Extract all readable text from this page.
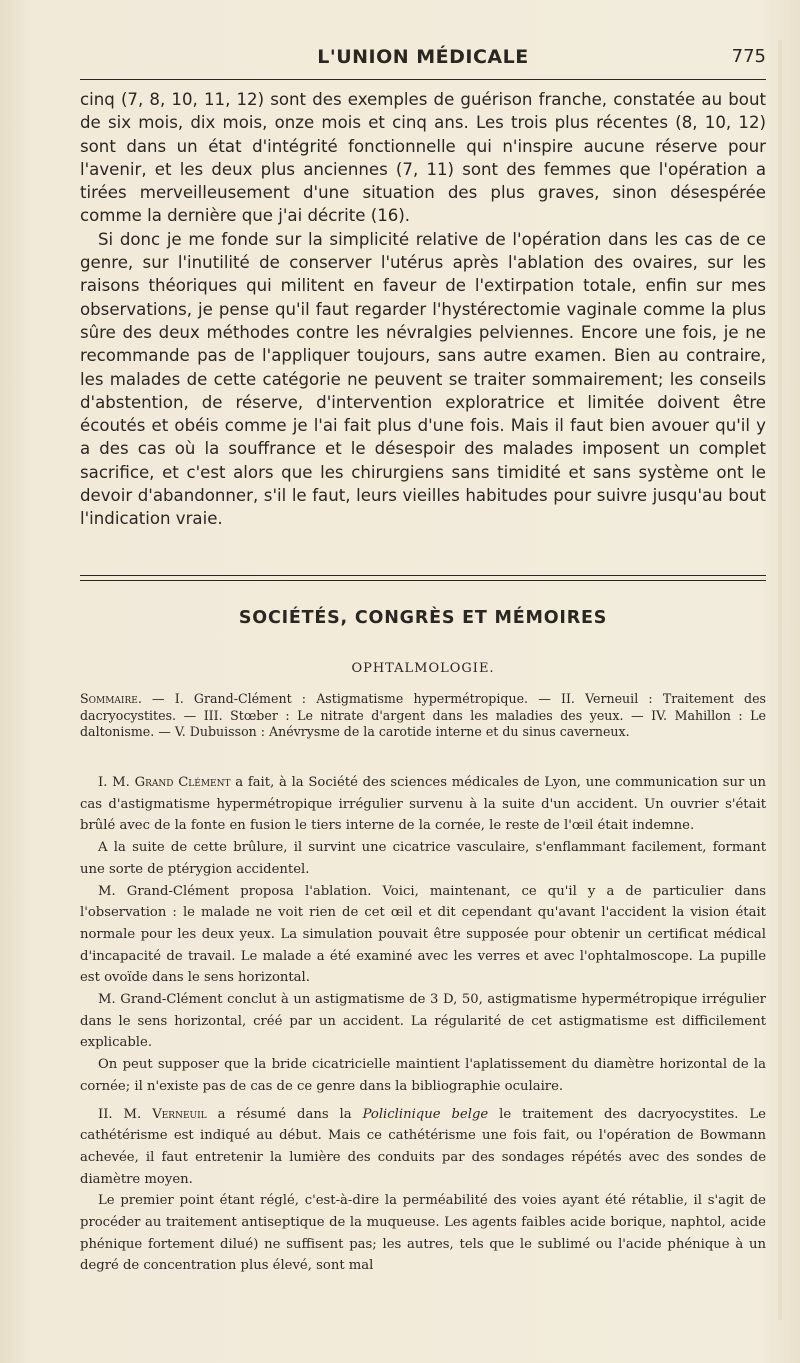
L'UNION MÉDICALE	775

cinq (7, 8, 10, 11, 12) sont des exemples de guérison franche, constatée au bout de six mois, dix mois, onze mois et cinq ans. Les trois plus récentes (8, 10, 12) sont dans un état d'intégrité fonctionnelle qui n'inspire aucune réserve pour l'avenir, et les deux plus anciennes (7, 11) sont des femmes que l'opération a tirées merveilleusement d'une situation des plus graves, sinon désespérée comme la dernière que j'ai décrite (16).

Si donc je me fonde sur la simplicité relative de l'opération dans les cas de ce genre, sur l'inutilité de conserver l'utérus après l'ablation des ovaires, sur les raisons théoriques qui militent en faveur de l'extirpation totale, enfin sur mes observations, je pense qu'il faut regarder l'hystérectomie vaginale comme la plus sûre des deux méthodes contre les névralgies pelviennes. Encore une fois, je ne recommande pas de l'appliquer toujours, sans autre examen. Bien au contraire, les malades de cette catégorie ne peuvent se traiter sommairement; les conseils d'abstention, de réserve, d'intervention exploratrice et limitée doivent être écoutés et obéis comme je l'ai fait plus d'une fois. Mais il faut bien avouer qu'il y a des cas où la souffrance et le désespoir des malades imposent un complet sacrifice, et c'est alors que les chirurgiens sans timidité et sans système ont le devoir d'abandonner, s'il le faut, leurs vieilles habitudes pour suivre jusqu'au bout l'indication vraie.

SOCIÉTÉS, CONGRÈS ET MÉMOIRES
OPHTALMOLOGIE.
Sommaire. — I. Grand-Clément : Astigmatisme hypermétropique. — II. Verneuil : Traitement des dacryocystites. — III. Stœber : Le nitrate d'argent dans les maladies des yeux. — IV. Mahillon : Le daltonisme. — V. Dubuisson : Anévrysme de la carotide interne et du sinus caverneux.

I. M. Grand Clément a fait, à la Société des sciences médicales de Lyon, une communication sur un cas d'astigmatisme hypermétropique irrégulier survenu à la suite d'un accident. Un ouvrier s'était brûlé avec de la fonte en fusion le tiers interne de la cornée, le reste de l'œil était indemne.

A la suite de cette brûlure, il survint une cicatrice vasculaire, s'enflammant facilement, formant une sorte de ptérygion accidentel.

M. Grand-Clément proposa l'ablation. Voici, maintenant, ce qu'il y a de particulier dans l'observation : le malade ne voit rien de cet œil et dit cependant qu'avant l'accident la vision était normale pour les deux yeux. La simulation pouvait être supposée pour obtenir un certificat médical d'incapacité de travail. Le malade a été examiné avec les verres et avec l'ophtalmoscope. La pupille est ovoïde dans le sens horizontal.

M. Grand-Clément conclut à un astigmatisme de 3 D, 50, astigmatisme hypermétropique irrégulier dans le sens horizontal, créé par un accident. La régularité de cet astigmatisme est difficilement explicable.

On peut supposer que la bride cicatricielle maintient l'aplatissement du diamètre horizontal de la cornée; il n'existe pas de cas de ce genre dans la bibliographie oculaire.

II. M. Verneuil a résumé dans la Policlinique belge le traitement des dacryocystites. Le cathétérisme est indiqué au début. Mais ce cathétérisme une fois fait, ou l'opération de Bowmann achevée, il faut entretenir la lumière des conduits par des sondages répétés avec des sondes de diamètre moyen.

Le premier point étant réglé, c'est-à-dire la perméabilité des voies ayant été rétablie, il s'agit de procéder au traitement antiseptique de la muqueuse. Les agents faibles acide borique, naphtol, acide phénique fortement dilué) ne suffisent pas; les autres, tels que le sublimé ou l'acide phénique à un degré de concentration plus élevé, sont mal
